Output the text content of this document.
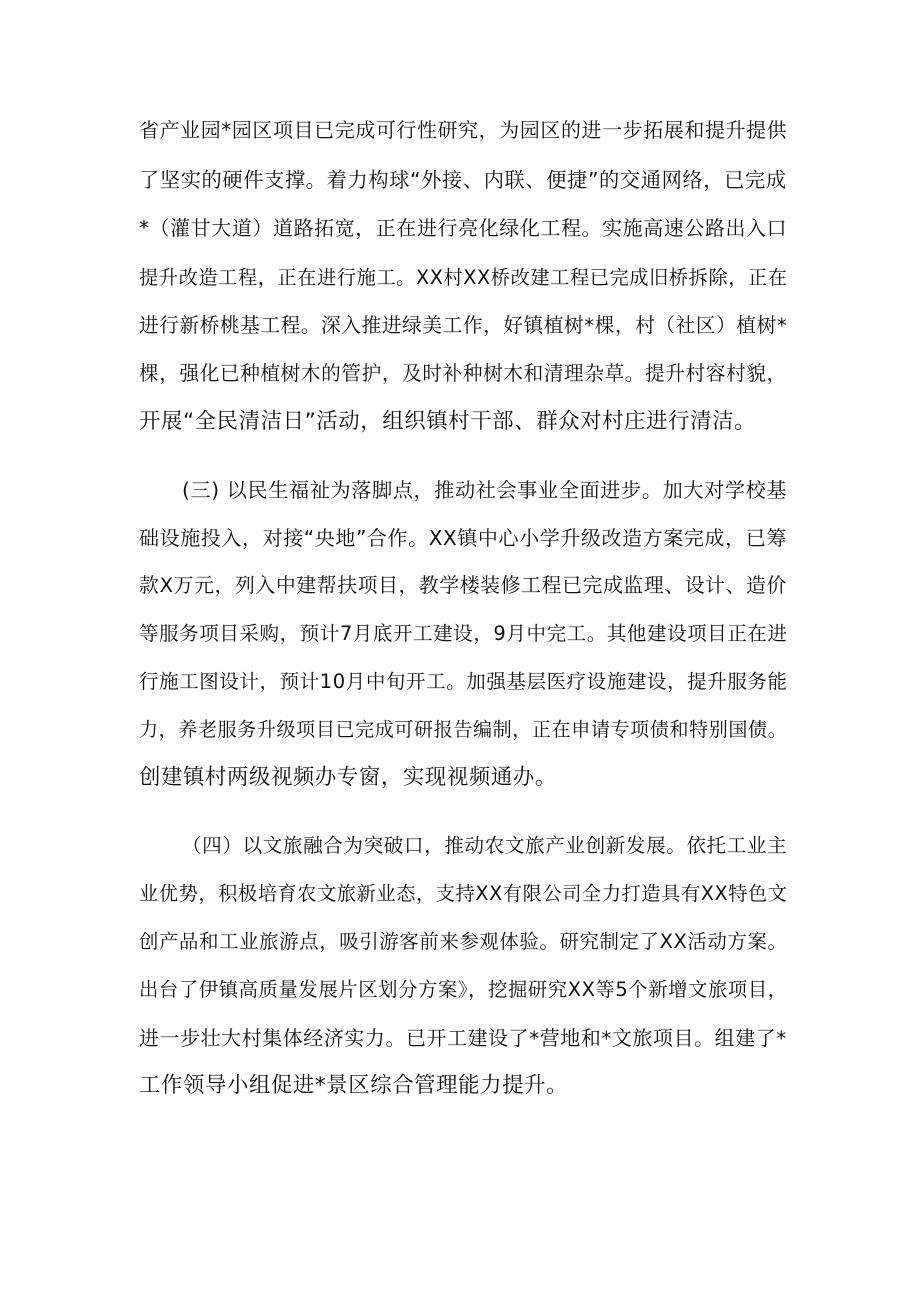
省产业园*园区项目已完成可行性研究，为园区的进一步拓展和提升提供
了坚实的硬件支撑。着力构球“外接、内联、便捷”的交通网络，已完成
*（灌甘大道）道路拓宽，正在进行亮化绿化工程。实施高速公路出入口
提升改造工程，正在进行施工。XX村XX桥改建工程已完成旧桥拆除，正在
进行新桥桃基工程。深入推进绿美工作，好镇植树*棵，村（社区）植树*
棵，强化已种植树木的管护，及时补种树木和清理杂草。提升村容村貌，
开展“全民清洁日”活动，组织镇村干部、群众对村庄进行清洁。
(三) 以民生福祉为落脚点，推动社会事业全面进步。加大对学校基
础设施投入，对接“央地”合作。XX镇中心小学升级改造方案完成，已筹
款X万元，列入中建帮扶项目，教学楼装修工程已完成监理、设计、造价
等服务项目采购，预计7月底开工建设，9月中完工。其他建设项目正在进
行施工图设计，预计10月中旬开工。加强基层医疗设施建设，提升服务能
力，养老服务升级项目已完成可研报告编制，正在申请专项债和特别国债。
创建镇村两级视频办专窗，实现视频通办。
（四）以文旅融合为突破口，推动农文旅产业创新发展。依托工业主
业优势，积极培育农文旅新业态，支持XX有限公司全力打造具有XX特色文
创产品和工业旅游点，吸引游客前来参观体验。研究制定了XX活动方案。
出台了伊镇高质量发展片区划分方案》，挖掘研究XX等5个新增文旅项目，
进一步壮大村集体经济实力。已开工建设了*营地和*文旅项目。组建了*
工作领导小组促进*景区综合管理能力提升。
